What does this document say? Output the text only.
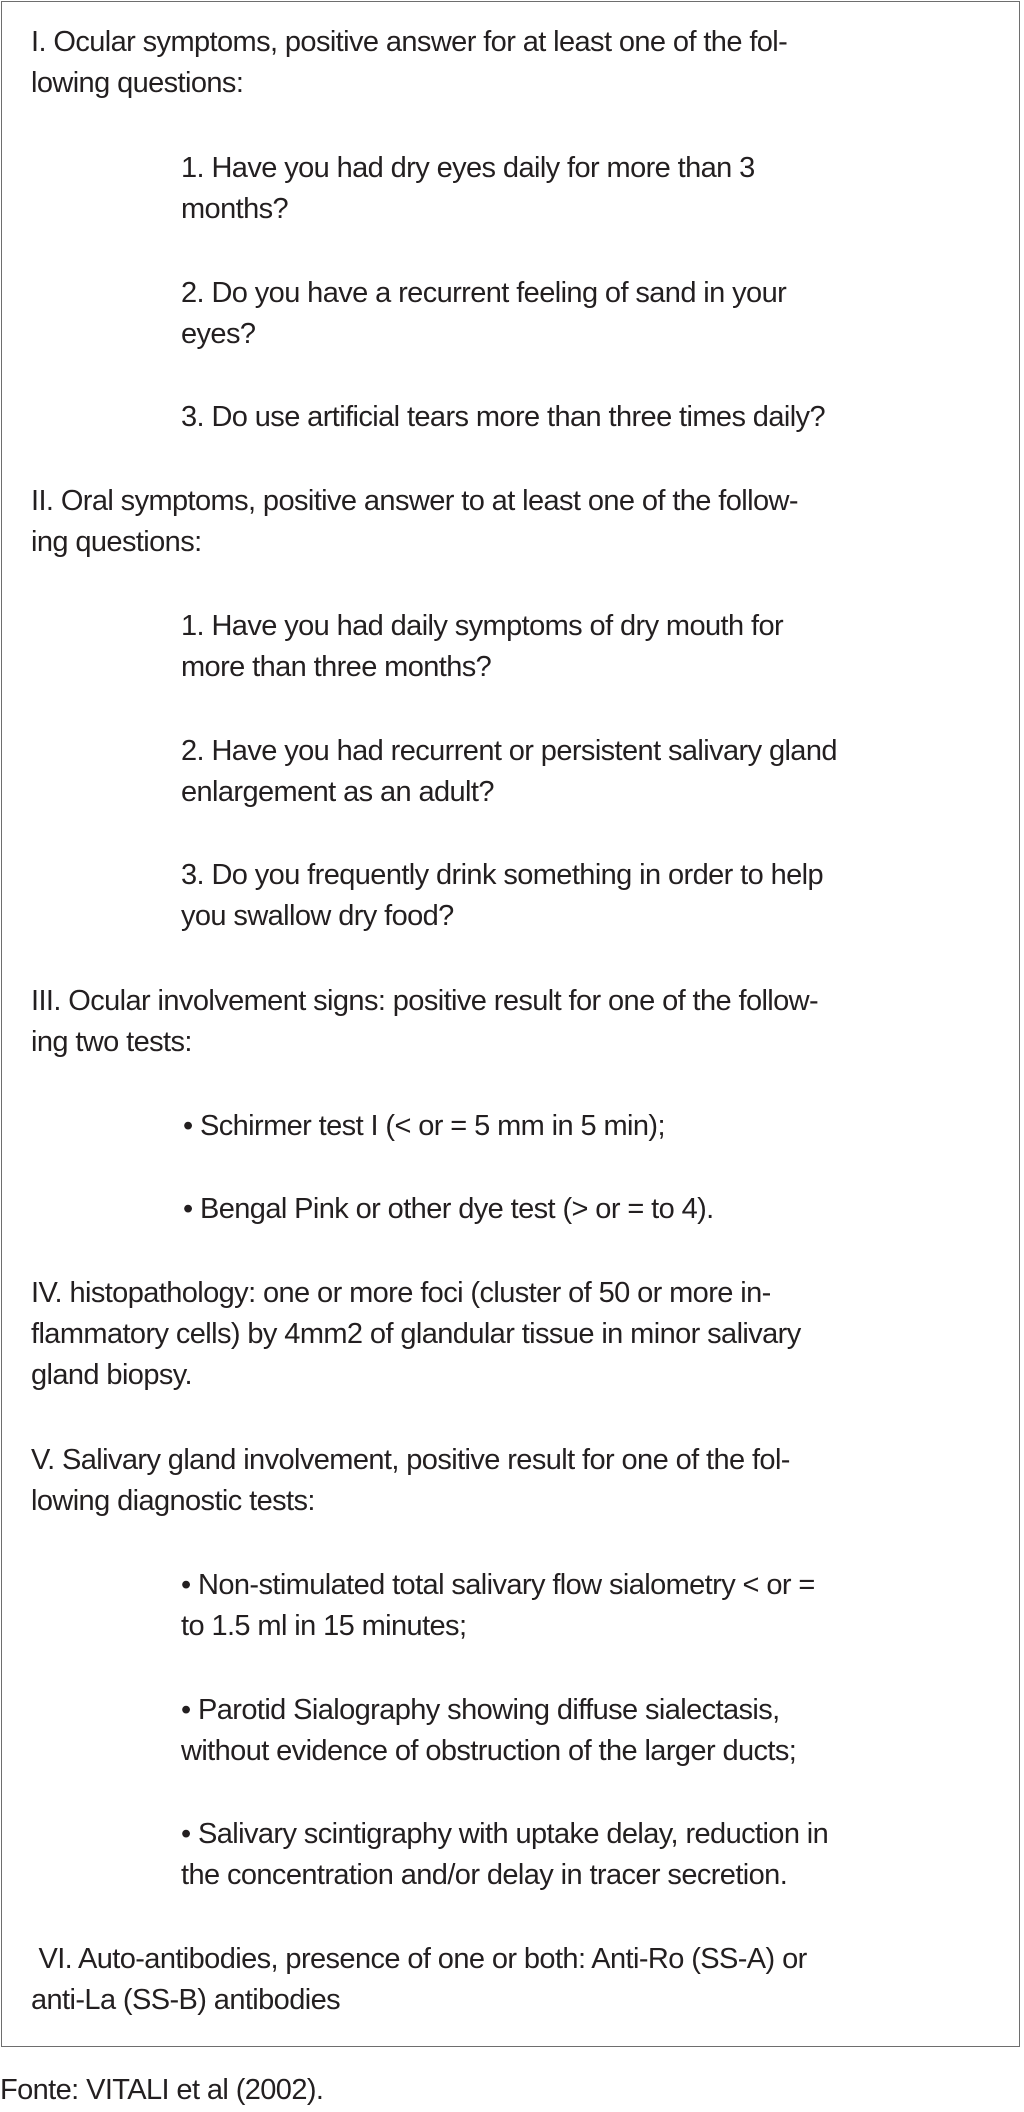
I. Ocular symptoms, positive answer for at least one of the fol-
lowing questions:
1. Have you had dry eyes daily for more than 3
months?
2. Do you have a recurrent feeling of sand in your
eyes?
3. Do use artificial tears more than three times daily?
II. Oral symptoms, positive answer to at least one of the follow-
ing questions:
1. Have you had daily symptoms of dry mouth for
more than three months?
2. Have you had recurrent or persistent salivary gland
enlargement as an adult?
3. Do you frequently drink something in order to help
you swallow dry food?
III. Ocular involvement signs: positive result for one of the follow-
ing two tests:
• Schirmer test I (< or = 5 mm in 5 min);
• Bengal Pink or other dye test (> or = to 4).
IV. histopathology: one or more foci (cluster of 50 or more in-
flammatory cells) by 4mm2 of glandular tissue in minor salivary
gland biopsy.
V. Salivary gland involvement, positive result for one of the fol-
lowing diagnostic tests:
• Non-stimulated total salivary flow sialometry < or =
to 1.5 ml in 15 minutes;
• Parotid Sialography showing diffuse sialectasis,
without evidence of obstruction of the larger ducts;
• Salivary scintigraphy with uptake delay, reduction in
the concentration and/or delay in tracer secretion.
VI. Auto-antibodies, presence of one or both: Anti-Ro (SS-A) or
anti-La (SS-B) antibodies
Fonte: VITALI et al (2002).
